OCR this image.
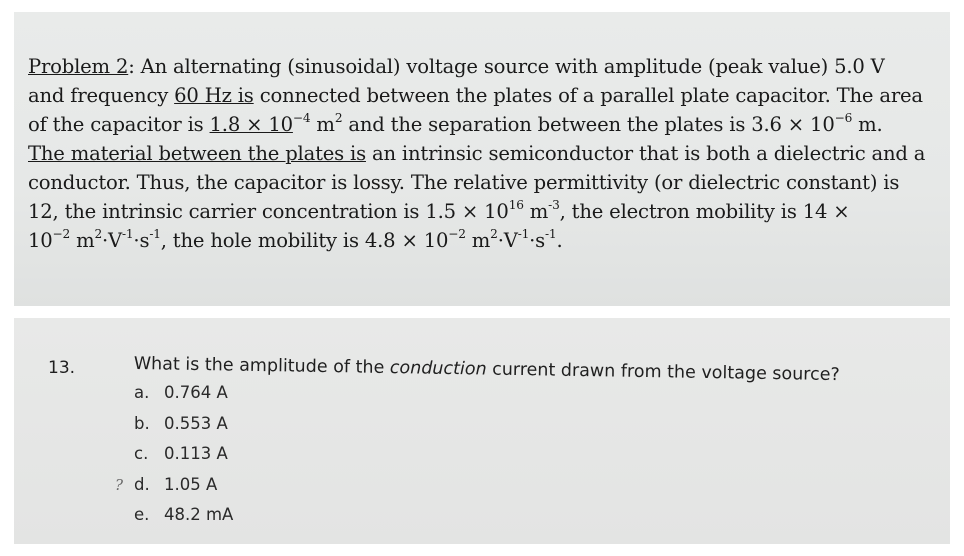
Problem 2: An alternating (sinusoidal) voltage source with amplitude (peak value) 5.0 V
and frequency 60 Hz is connected between the plates of a parallel plate capacitor. The area
of the capacitor is $1.8 \times 10^{-4}$ $m^2$ and the separation between the plates is $3.6 \times 10^{-6}$ m.
The material between the plates is an intrinsic semiconductor that is both a dielectric and a
conductor. Thus, the capacitor is lossy. The relative permittivity (or dielectric constant) is
12, the intrinsic carrier concentration is $1.5 \times 10^{16}$ $m^{-3}$, the electron mobility is 14 ×
$10^{-2}$ $m^2\cdot V^{-1}\cdot s^{-1}$, the hole mobility is $4.8 \times 10^{-2}$ $m^2\cdot V^{-1}\cdot s^{-1}$.

13.	What is the amplitude of the conduction current drawn from the voltage source?
a. 0.764 A
b. 0.553 A
c. 0.113 A
? d. 1.05 A
e. 48.2 mA
